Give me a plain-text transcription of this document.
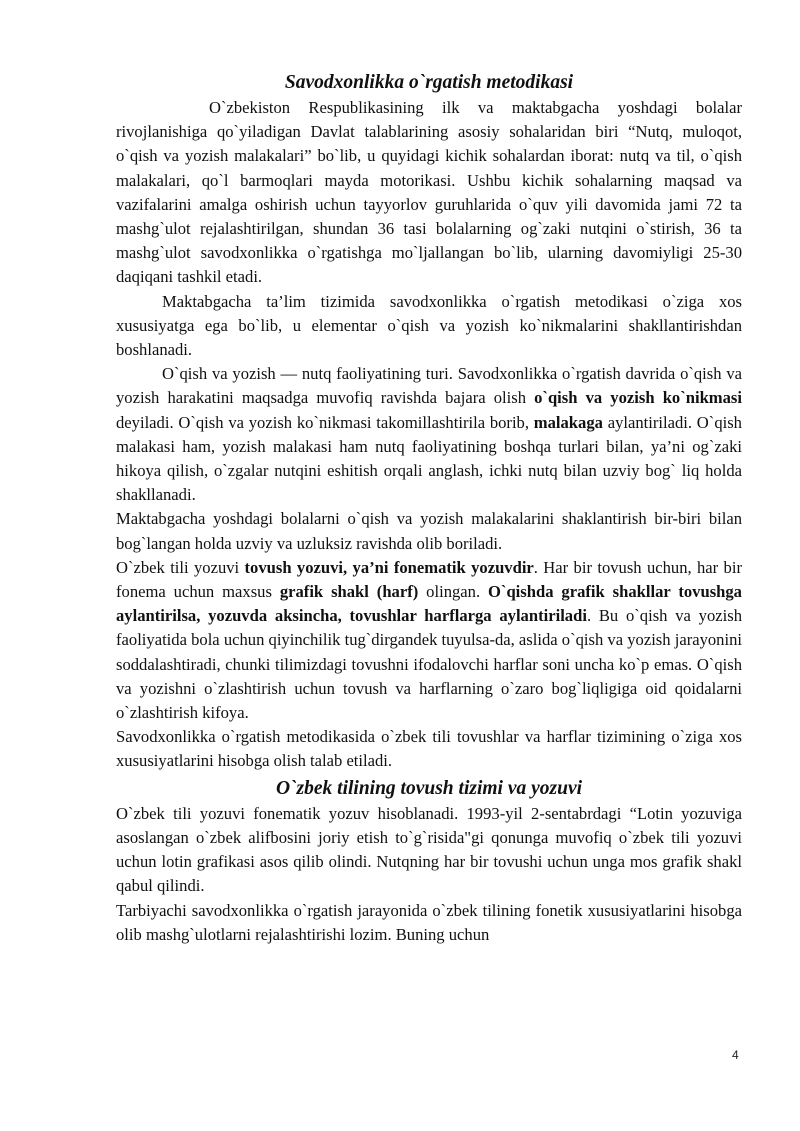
Savodxonlikka o`rgatish metodikasi

O`zbekiston Respublikasining ilk va maktabgacha yoshdagi bolalar rivojlanishiga qo`yiladigan Davlat talablarining asosiy sohalaridan biri “Nutq, muloqot, o`qish va yozish malakalari” bo`lib, u quyidagi kichik sohalardan iborat: nutq va til, o`qish malakalari, qo`l barmoqlari mayda motorikasi. Ushbu kichik sohalarning maqsad va vazifalarini amalga oshirish uchun tayyorlov guruhlarida o`quv yili davomida jami 72 ta mashg`ulot rejalashtirilgan, shundan 36 tasi bolalarning og`zaki nutqini o`stirish, 36 ta mashg`ulot savodxonlikka o`rgatishga mo`ljallangan bo`lib, ularning davomiyligi 25-30 daqiqani tashkil etadi.

Maktabgacha ta’lim tizimida savodxonlikka o`rgatish metodikasi o`ziga xos xususiyatga ega bo`lib, u elementar o`qish va yozish ko`nikmalarini shakllantirishdan boshlanadi.

O`qish va yozish — nutq faoliyatining turi. Savodxonlikka o`rgatish davrida o`qish va yozish harakatini maqsadga muvofiq ravishda bajara olish o`qish va yozish ko`nikmasi deyiladi. O`qish va yozish ko`nikmasi takomillashtirila borib, malakaga aylantiriladi. O`qish malakasi ham, yozish malakasi ham nutq faoliyatining boshqa turlari bilan, ya’ni og`zaki hikoya qilish, o`zgalar nutqini eshitish orqali anglash, ichki nutq bilan uzviy bog` liq holda shakllanadi.

Maktabgacha yoshdagi bolalarni o`qish va yozish malakalarini shaklantirish bir-biri bilan bog`langan holda uzviy va uzluksiz ravishda olib boriladi.

O`zbek tili yozuvi tovush yozuvi, ya’ni fonematik yozuvdir. Har bir tovush uchun, har bir fonema uchun maxsus grafik shakl (harf) olingan. O`qishda grafik shakllar tovushga aylantirilsa, yozuvda aksincha, tovushlar harflarga aylantiriladi. Bu o`qish va yozish faoliyatida bola uchun qiyinchilik tug`dirgandek tuyulsa-da, aslida o`qish va yozish jarayonini soddalashtiradi, chunki tilimizdagi tovushni ifodalovchi harflar soni uncha ko`p emas. O`qish va yozishni o`zlashtirish uchun tovush va harflarning o`zaro bog`liqligiga oid qoidalarni o`zlashtirish kifoya.

Savodxonlikka o`rgatish metodikasida o`zbek tili tovushlar va harflar tizimining o`ziga xos xususiyatlarini hisobga olish talab etiladi.

O`zbek tilining tovush tizimi va yozuvi

O`zbek tili yozuvi fonematik yozuv hisoblanadi. 1993-yil 2-sentabrdagi “Lotin yozuviga asoslangan o`zbek alifbosini joriy etish to`g`risida"gi qonunga muvofiq o`zbek tili yozuvi uchun lotin grafikasi asos qilib olindi. Nutqning har bir tovushi uchun unga mos grafik shakl qabul qilindi.

Tarbiyachi savodxonlikka o`rgatish jarayonida o`zbek tilining fonetik xususiyatlarini hisobga olib mashg`ulotlarni rejalashtirishi lozim. Buning uchun

4
